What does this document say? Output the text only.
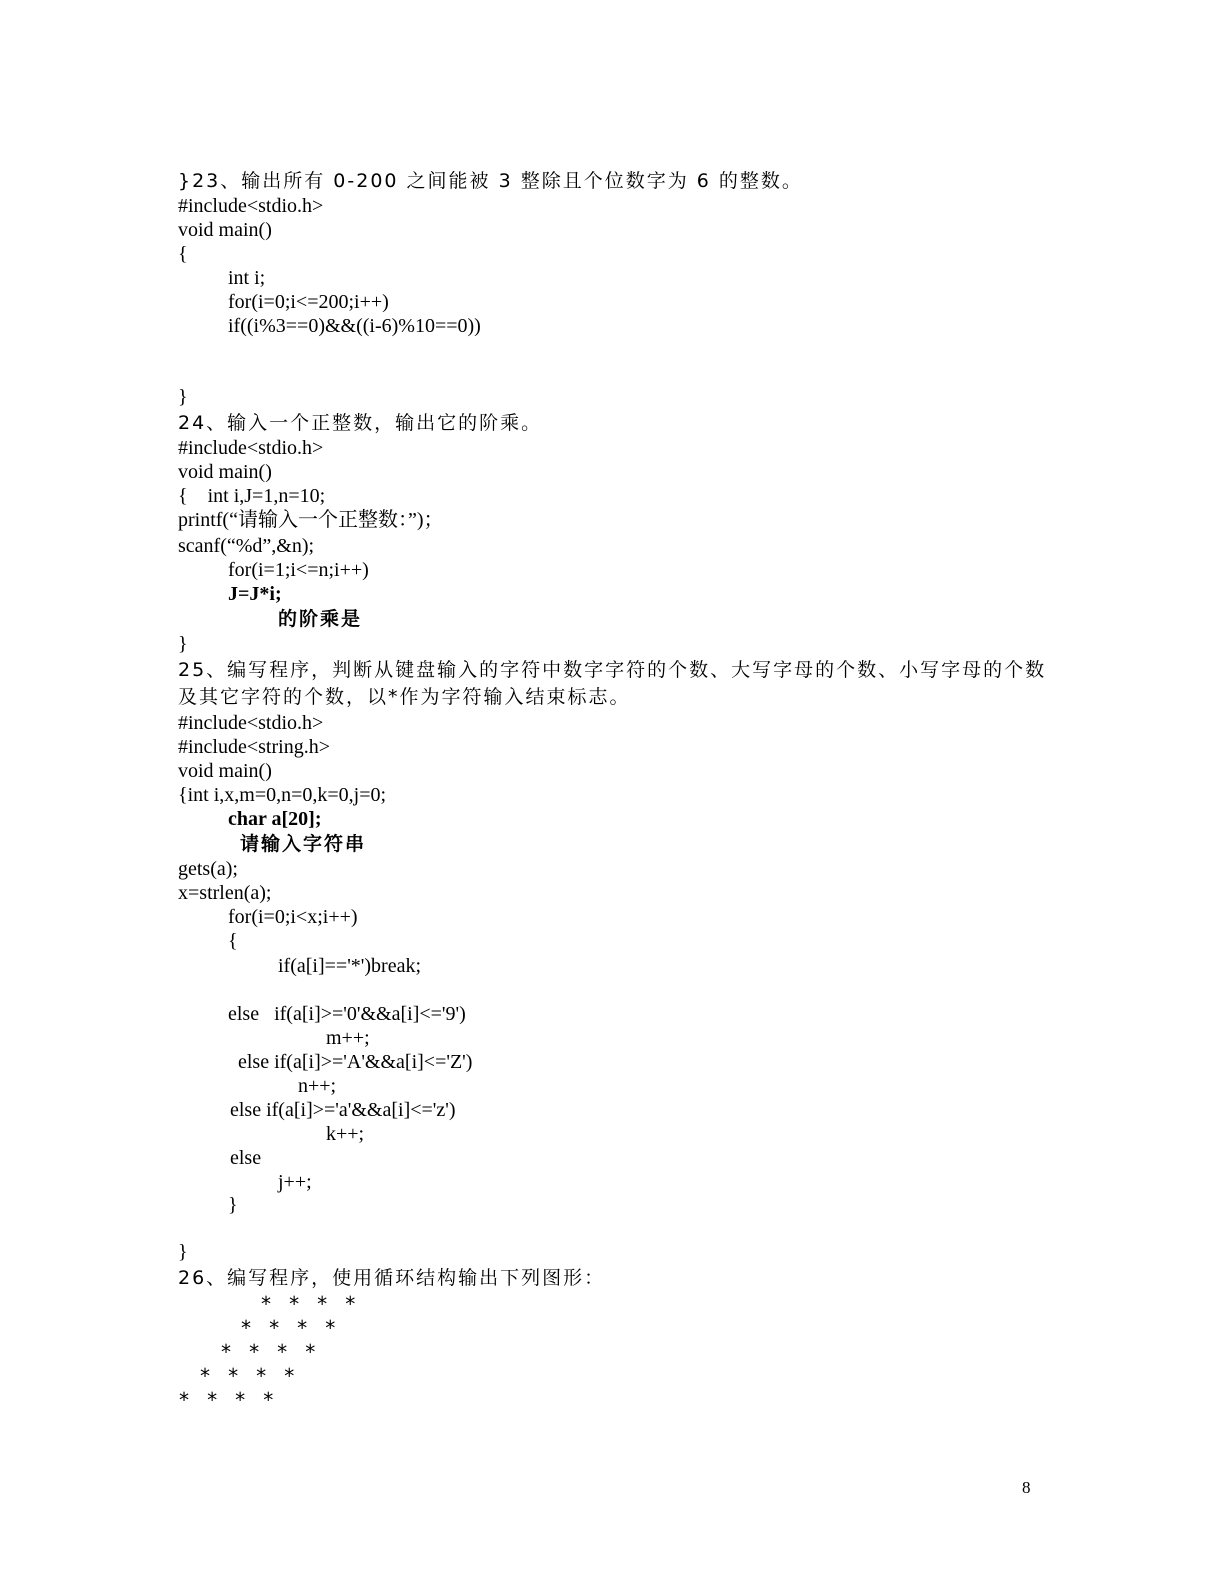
}23、输出所有 0-200 之间能被 3 整除且个位数字为 6 的整数。
#include<stdio.h>
void main()
{
int i;
for(i=0;i<=200;i++)
if((i%3==0)&&((i-6)%10==0))
}
24、输入一个正整数，输出它的阶乘。
#include<stdio.h>
void main()
{    int i,J=1,n=10;
printf(“请输入一个正整数：”)；
scanf(“%d”,&n);
for(i=1;i<=n;i++)
J=J*i;
的阶乘是
}
25、编写程序，判断从键盘输入的字符中数字字符的个数、大写字母的个数、小写字母的个数
及其它字符的个数，以*作为字符输入结束标志。
#include<stdio.h>
#include<string.h>
void main()
{int i,x,m=0,n=0,k=0,j=0;
char a[20];
请输入字符串
gets(a);
x=strlen(a);
for(i=0;i<x;i++)
{
if(a[i]=='*')break;
else   if(a[i]>='0'&&a[i]<='9')
m++;
else if(a[i]>='A'&&a[i]<='Z')
n++;
else if(a[i]>='a'&&a[i]<='z')
k++;
else
j++;
}
}
26、编写程序，使用循环结构输出下列图形：
* * * *
* * * *
* * * *
* * * *
* * * *
8
